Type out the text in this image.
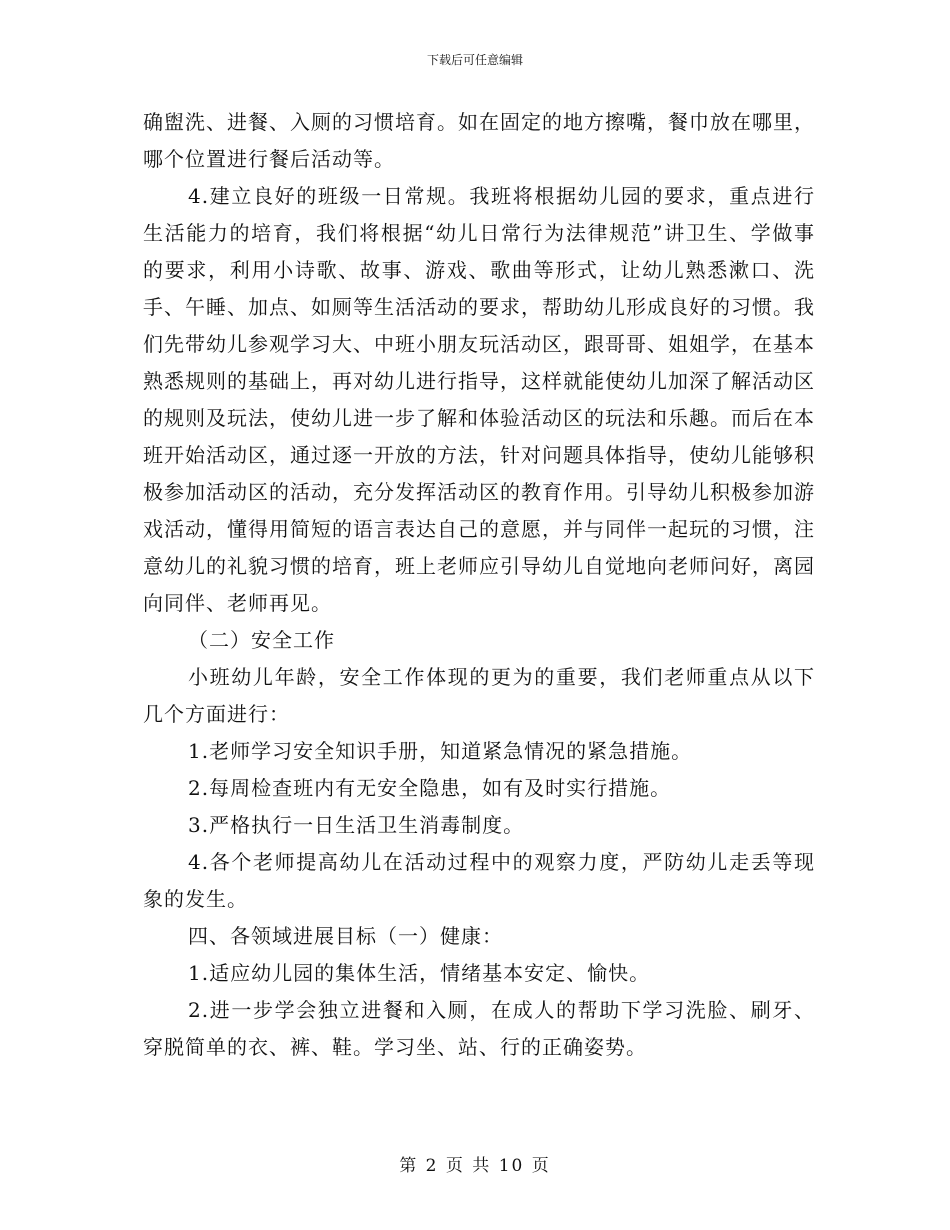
下载后可任意编辑

确盥洗、进餐、入厕的习惯培育。如在固定的地方擦嘴，餐巾放在哪里，哪个位置进行餐后活动等。

4.建立良好的班级一日常规。我班将根据幼儿园的要求，重点进行生活能力的培育，我们将根据“幼儿日常行为法律规范”讲卫生、学做事的要求，利用小诗歌、故事、游戏、歌曲等形式，让幼儿熟悉漱口、洗手、午睡、加点、如厕等生活活动的要求，帮助幼儿形成良好的习惯。我们先带幼儿参观学习大、中班小朋友玩活动区，跟哥哥、姐姐学，在基本熟悉规则的基础上，再对幼儿进行指导，这样就能使幼儿加深了解活动区的规则及玩法，使幼儿进一步了解和体验活动区的玩法和乐趣。而后在本班开始活动区，通过逐一开放的方法，针对问题具体指导，使幼儿能够积极参加活动区的活动，充分发挥活动区的教育作用。引导幼儿积极参加游戏活动，懂得用简短的语言表达自己的意愿，并与同伴一起玩的习惯，注意幼儿的礼貌习惯的培育，班上老师应引导幼儿自觉地向老师问好，离园向同伴、老师再见。

（二）安全工作

小班幼儿年龄，安全工作体现的更为的重要，我们老师重点从以下几个方面进行：

1.老师学习安全知识手册，知道紧急情况的紧急措施。

2.每周检查班内有无安全隐患，如有及时实行措施。

3.严格执行一日生活卫生消毒制度。

4.各个老师提高幼儿在活动过程中的观察力度，严防幼儿走丢等现象的发生。

四、各领域进展目标（一）健康：

1.适应幼儿园的集体生活，情绪基本安定、愉快。

2.进一步学会独立进餐和入厕，在成人的帮助下学习洗脸、刷牙、穿脱简单的衣、裤、鞋。学习坐、站、行的正确姿势。

第 2 页 共 10 页
